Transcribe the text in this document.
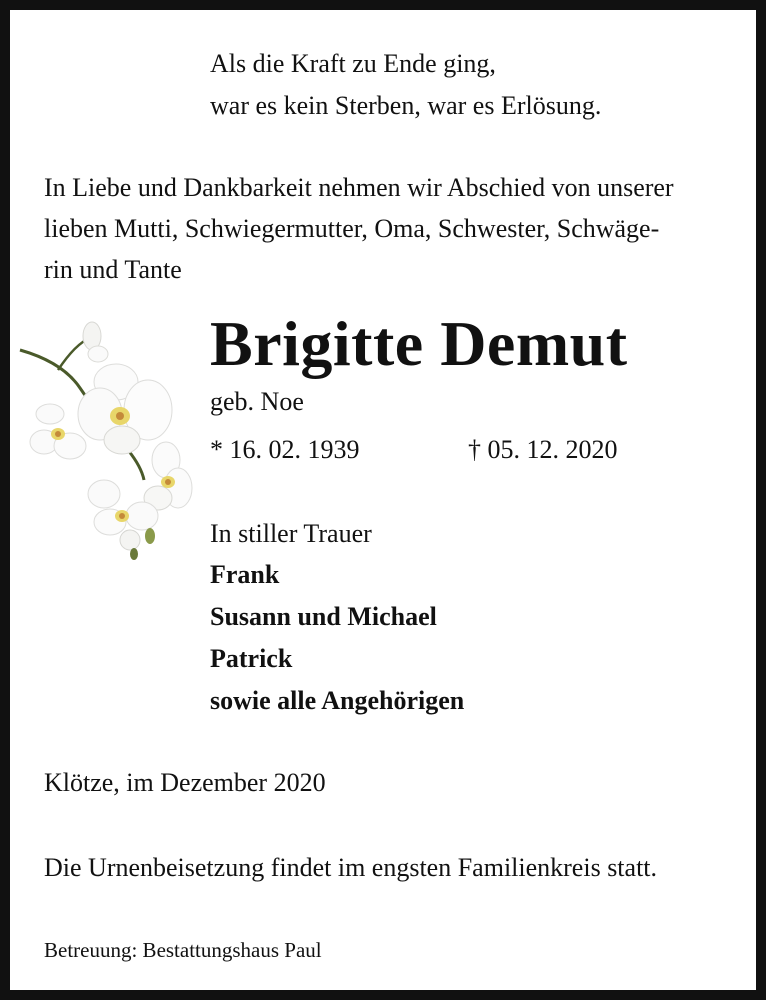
Als die Kraft zu Ende ging,

war es kein Sterben, war es Erlösung.

In Liebe und Dankbarkeit nehmen wir Abschied von unserer

lieben Mutti, Schwiegermutter, Oma, Schwester, Schwäge-

rin und Tante

Brigitte Demut

geb. Noe

* 16. 02. 1939	† 05. 12. 2020

In stiller Trauer

Frank

Susann und Michael

Patrick

sowie alle Angehörigen

Klötze, im Dezember 2020

Die Urnenbeisetzung findet im engsten Familienkreis statt.

Betreuung: Bestattungshaus Paul
